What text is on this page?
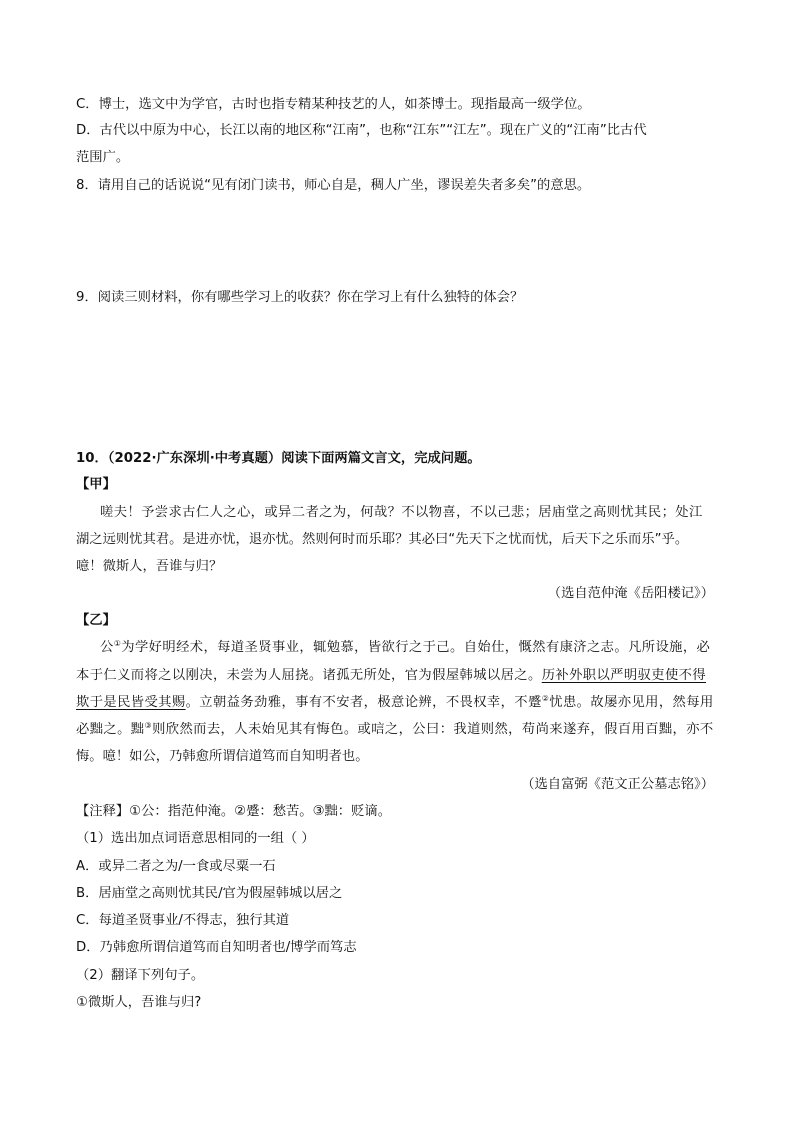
C．博士，选文中为学官，古时也指专精某种技艺的人，如茶博士。现指最高一级学位。
D．古代以中原为中心，长江以南的地区称“江南”，也称“江东”“江左”。现在广义的“江南”比古代
范围广。
8．请用自己的话说说“见有闭门读书，师心自是，稠人广坐，谬误差失者多矣”的意思。
9．阅读三则材料，你有哪些学习上的收获？你在学习上有什么独特的体会？
10．（2022·广东深圳·中考真题）阅读下面两篇文言文，完成问题。
【甲】
嗟夫！予尝求古仁人之心，或异二者之为，何哉？不以物喜，不以己悲；居庙堂之高则忧其民；处江
湖之远则忧其君。是进亦忧，退亦忧。然则何时而乐耶？其必曰“先天下之忧而忧，后天下之乐而乐”乎。
噫！微斯人，吾谁与归？
（选自范仲淹《岳阳楼记》）
【乙】
公①为学好明经术，每道圣贤事业，辄勉慕，皆欲行之于己。自始仕，慨然有康济之志。凡所设施，必
本于仁义而将之以刚决，未尝为人屈挠。诸孤无所处，官为假屋韩城以居之。历补外职以严明驭吏使不得
欺于是民皆受其赐。立朝益务劲雅，事有不安者，极意论辨，不畏权幸，不蹙②忧患。故屡亦见用，然每用
必黜之。黜③则欣然而去，人未始见其有悔色。或唁之，公曰：我道则然，苟尚来遂弃，假百用百黜，亦不
悔。噫！如公，乃韩愈所谓信道笃而自知明者也。
（选自富弼《范文正公墓志铭》）
【注释】①公：指范仲淹。②蹙：愁苦。③黜：贬谪。
（1）选出加点词语意思相同的一组（ ）
A．或异二者之为/一食或尽粟一石
B．居庙堂之高则忧其民/官为假屋韩城以居之
C．每道圣贤事业/不得志，独行其道
D．乃韩愈所谓信道笃而自知明者也/博学而笃志
（2）翻译下列句子。
①微斯人，吾谁与归?
